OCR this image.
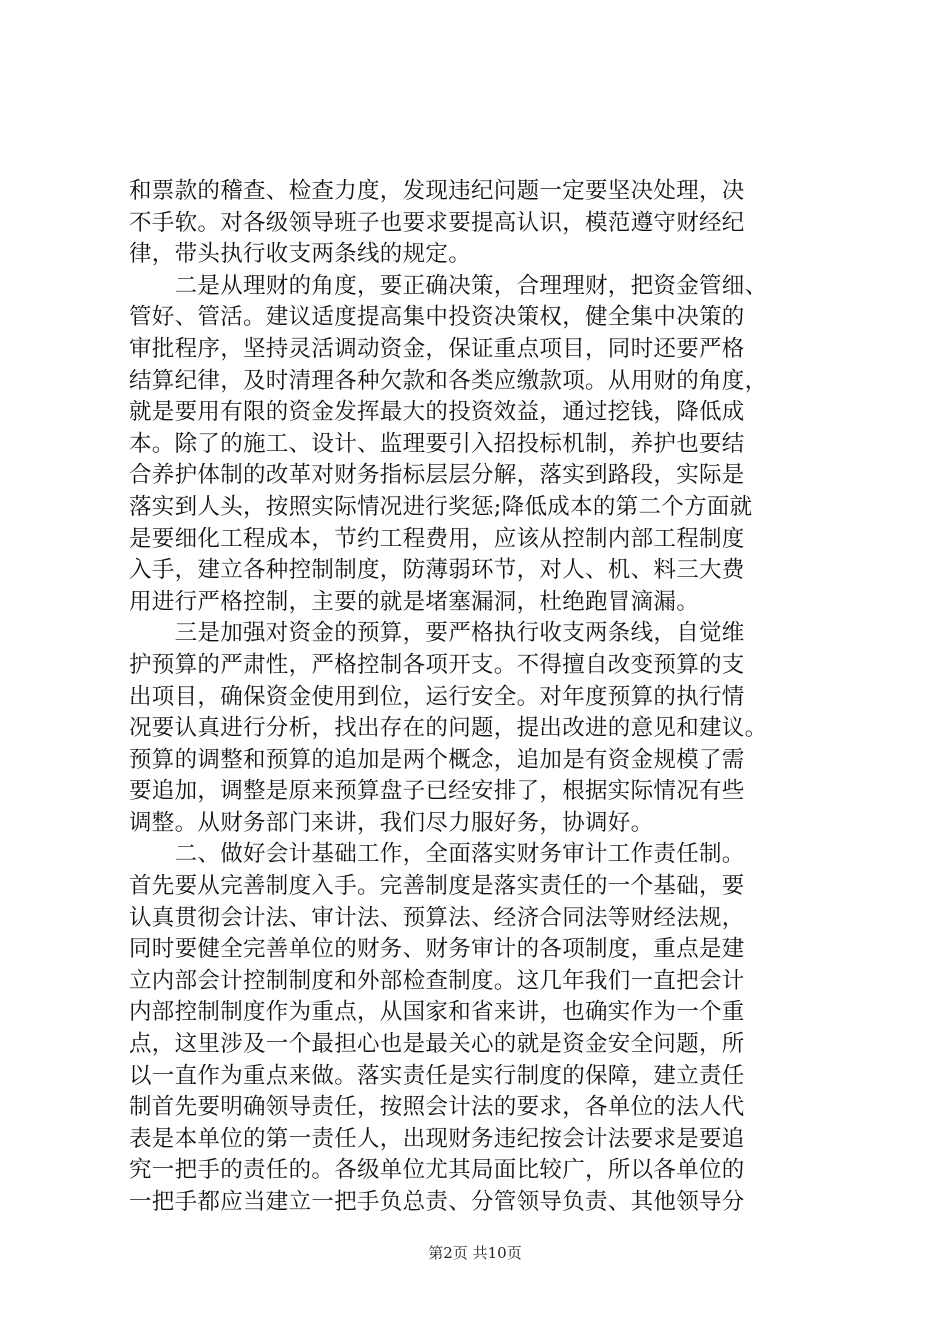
和票款的稽查、检查力度，发现违纪问题一定要坚决处理，决
不手软。对各级领导班子也要求要提高认识，模范遵守财经纪
律，带头执行收支两条线的规定。
　　二是从理财的角度，要正确决策，合理理财，把资金管细、
管好、管活。建议适度提高集中投资决策权，健全集中决策的
审批程序，坚持灵活调动资金，保证重点项目，同时还要严格
结算纪律，及时清理各种欠款和各类应缴款项。从用财的角度，
就是要用有限的资金发挥最大的投资效益，通过挖钱，降低成
本。除了的施工、设计、监理要引入招投标机制，养护也要结
合养护体制的改革对财务指标层层分解，落实到路段，实际是
落实到人头，按照实际情况进行奖惩;降低成本的第二个方面就
是要细化工程成本，节约工程费用，应该从控制内部工程制度
入手，建立各种控制制度，防薄弱环节，对人、机、料三大费
用进行严格控制，主要的就是堵塞漏洞，杜绝跑冒滴漏。
　　三是加强对资金的预算，要严格执行收支两条线，自觉维
护预算的严肃性，严格控制各项开支。不得擅自改变预算的支
出项目，确保资金使用到位，运行安全。对年度预算的执行情
况要认真进行分析，找出存在的问题，提出改进的意见和建议。
预算的调整和预算的追加是两个概念，追加是有资金规模了需
要追加，调整是原来预算盘子已经安排了，根据实际情况有些
调整。从财务部门来讲，我们尽力服好务，协调好。
　　二、做好会计基础工作，全面落实财务审计工作责任制。
首先要从完善制度入手。完善制度是落实责任的一个基础，要
认真贯彻会计法、审计法、预算法、经济合同法等财经法规，
同时要健全完善单位的财务、财务审计的各项制度，重点是建
立内部会计控制制度和外部检查制度。这几年我们一直把会计
内部控制制度作为重点，从国家和省来讲，也确实作为一个重
点，这里涉及一个最担心也是最关心的就是资金安全问题，所
以一直作为重点来做。落实责任是实行制度的保障，建立责任
制首先要明确领导责任，按照会计法的要求，各单位的法人代
表是本单位的第一责任人，出现财务违纪按会计法要求是要追
究一把手的责任的。各级单位尤其局面比较广，所以各单位的
一把手都应当建立一把手负总责、分管领导负责、其他领导分
第2页 共10页
